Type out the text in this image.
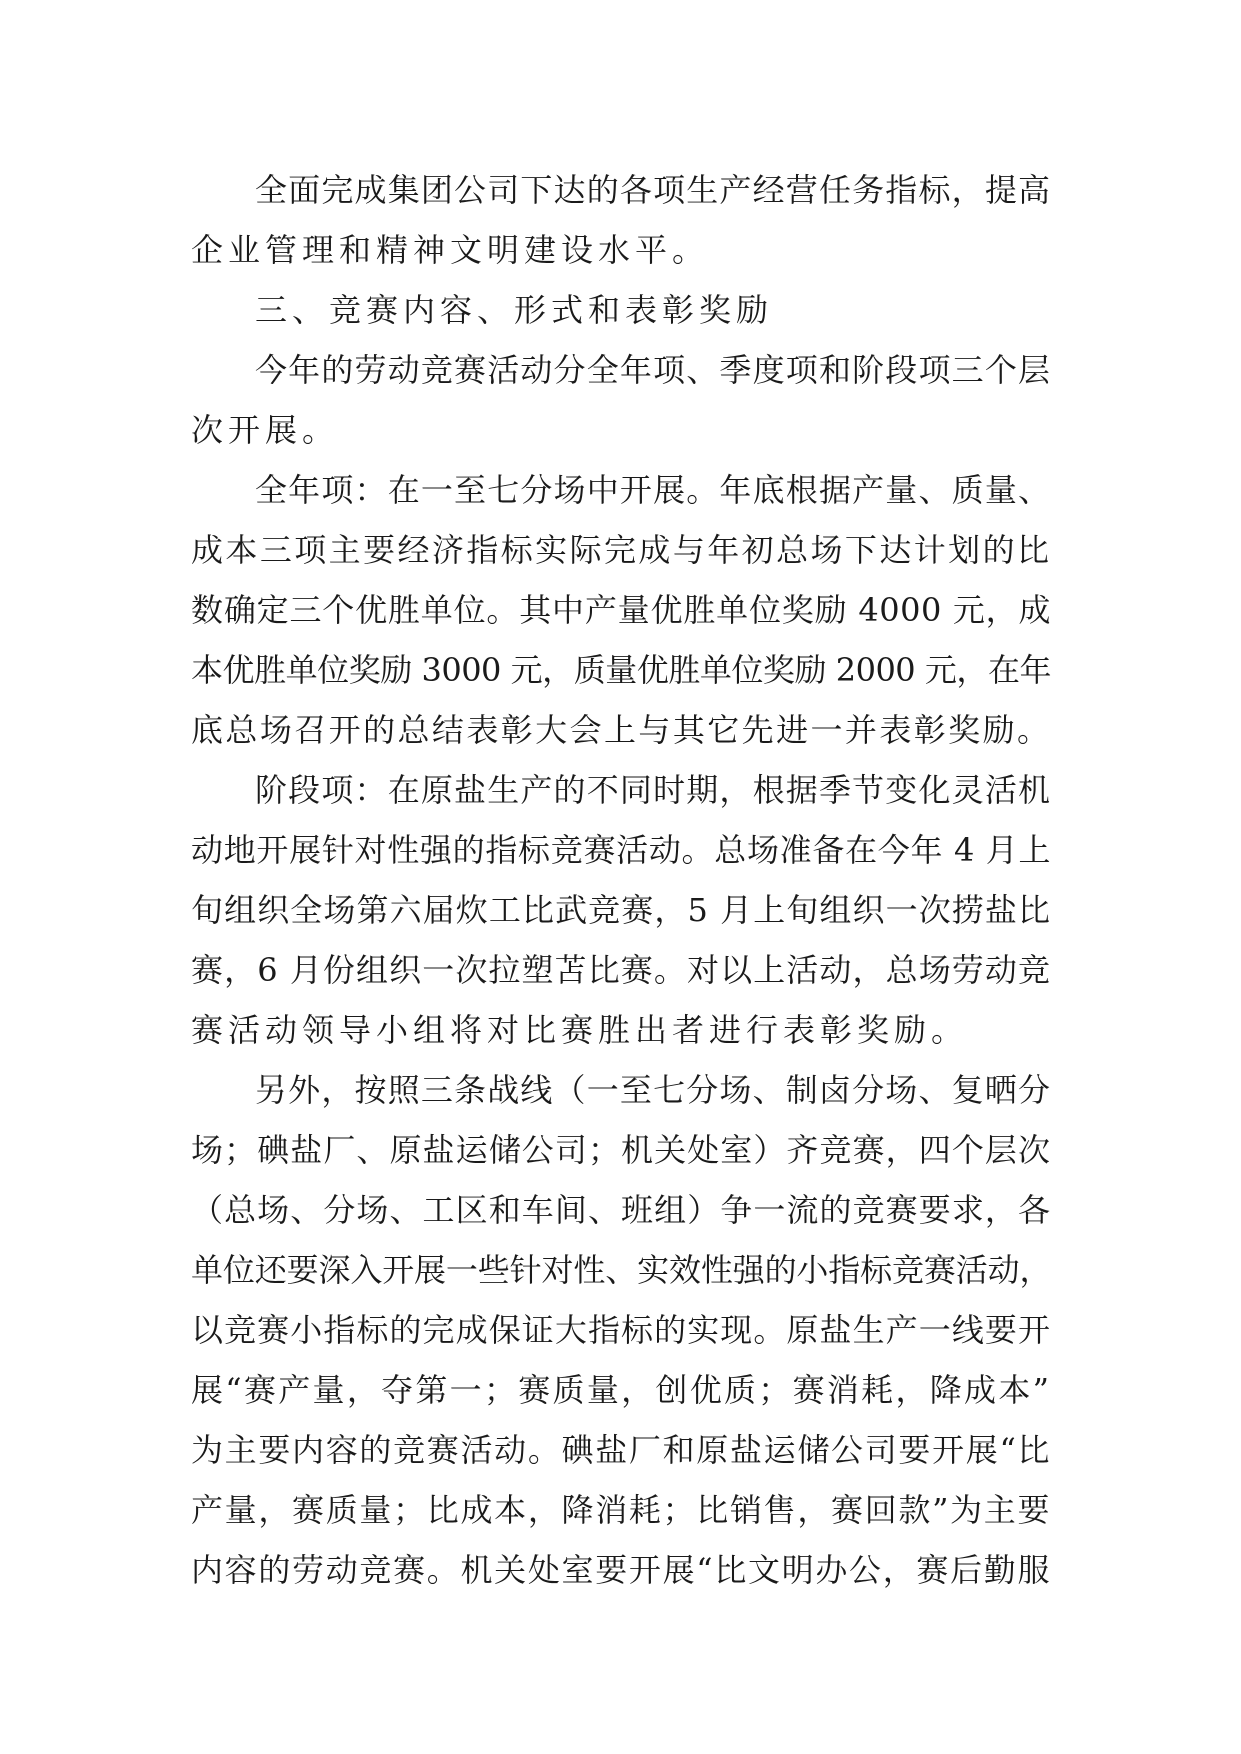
全面完成集团公司下达的各项生产经营任务指标，提高
企业管理和精神文明建设水平。
三、竞赛内容、形式和表彰奖励
今年的劳动竞赛活动分全年项、季度项和阶段项三个层
次开展。
全年项：在一至七分场中开展。年底根据产量、质量、
成本三项主要经济指标实际完成与年初总场下达计划的比
数确定三个优胜单位。其中产量优胜单位奖励 4000 元，成
本优胜单位奖励 3000 元，质量优胜单位奖励 2000 元，在年
底总场召开的总结表彰大会上与其它先进一并表彰奖励。
阶段项：在原盐生产的不同时期，根据季节变化灵活机
动地开展针对性强的指标竞赛活动。总场准备在今年 4 月上
旬组织全场第六届炊工比武竞赛，5 月上旬组织一次捞盐比
赛，6 月份组织一次拉塑苫比赛。对以上活动，总场劳动竞
赛活动领导小组将对比赛胜出者进行表彰奖励。
另外，按照三条战线（一至七分场、制卤分场、复晒分
场；碘盐厂、原盐运储公司；机关处室）齐竞赛，四个层次
（总场、分场、工区和车间、班组）争一流的竞赛要求，各
单位还要深入开展一些针对性、实效性强的小指标竞赛活动，
以竞赛小指标的完成保证大指标的实现。原盐生产一线要开
展“赛产量，夺第一；赛质量，创优质；赛消耗，降成本”
为主要内容的竞赛活动。碘盐厂和原盐运储公司要开展“比
产量，赛质量；比成本，降消耗；比销售，赛回款”为主要
内容的劳动竞赛。机关处室要开展“比文明办公，赛后勤服
